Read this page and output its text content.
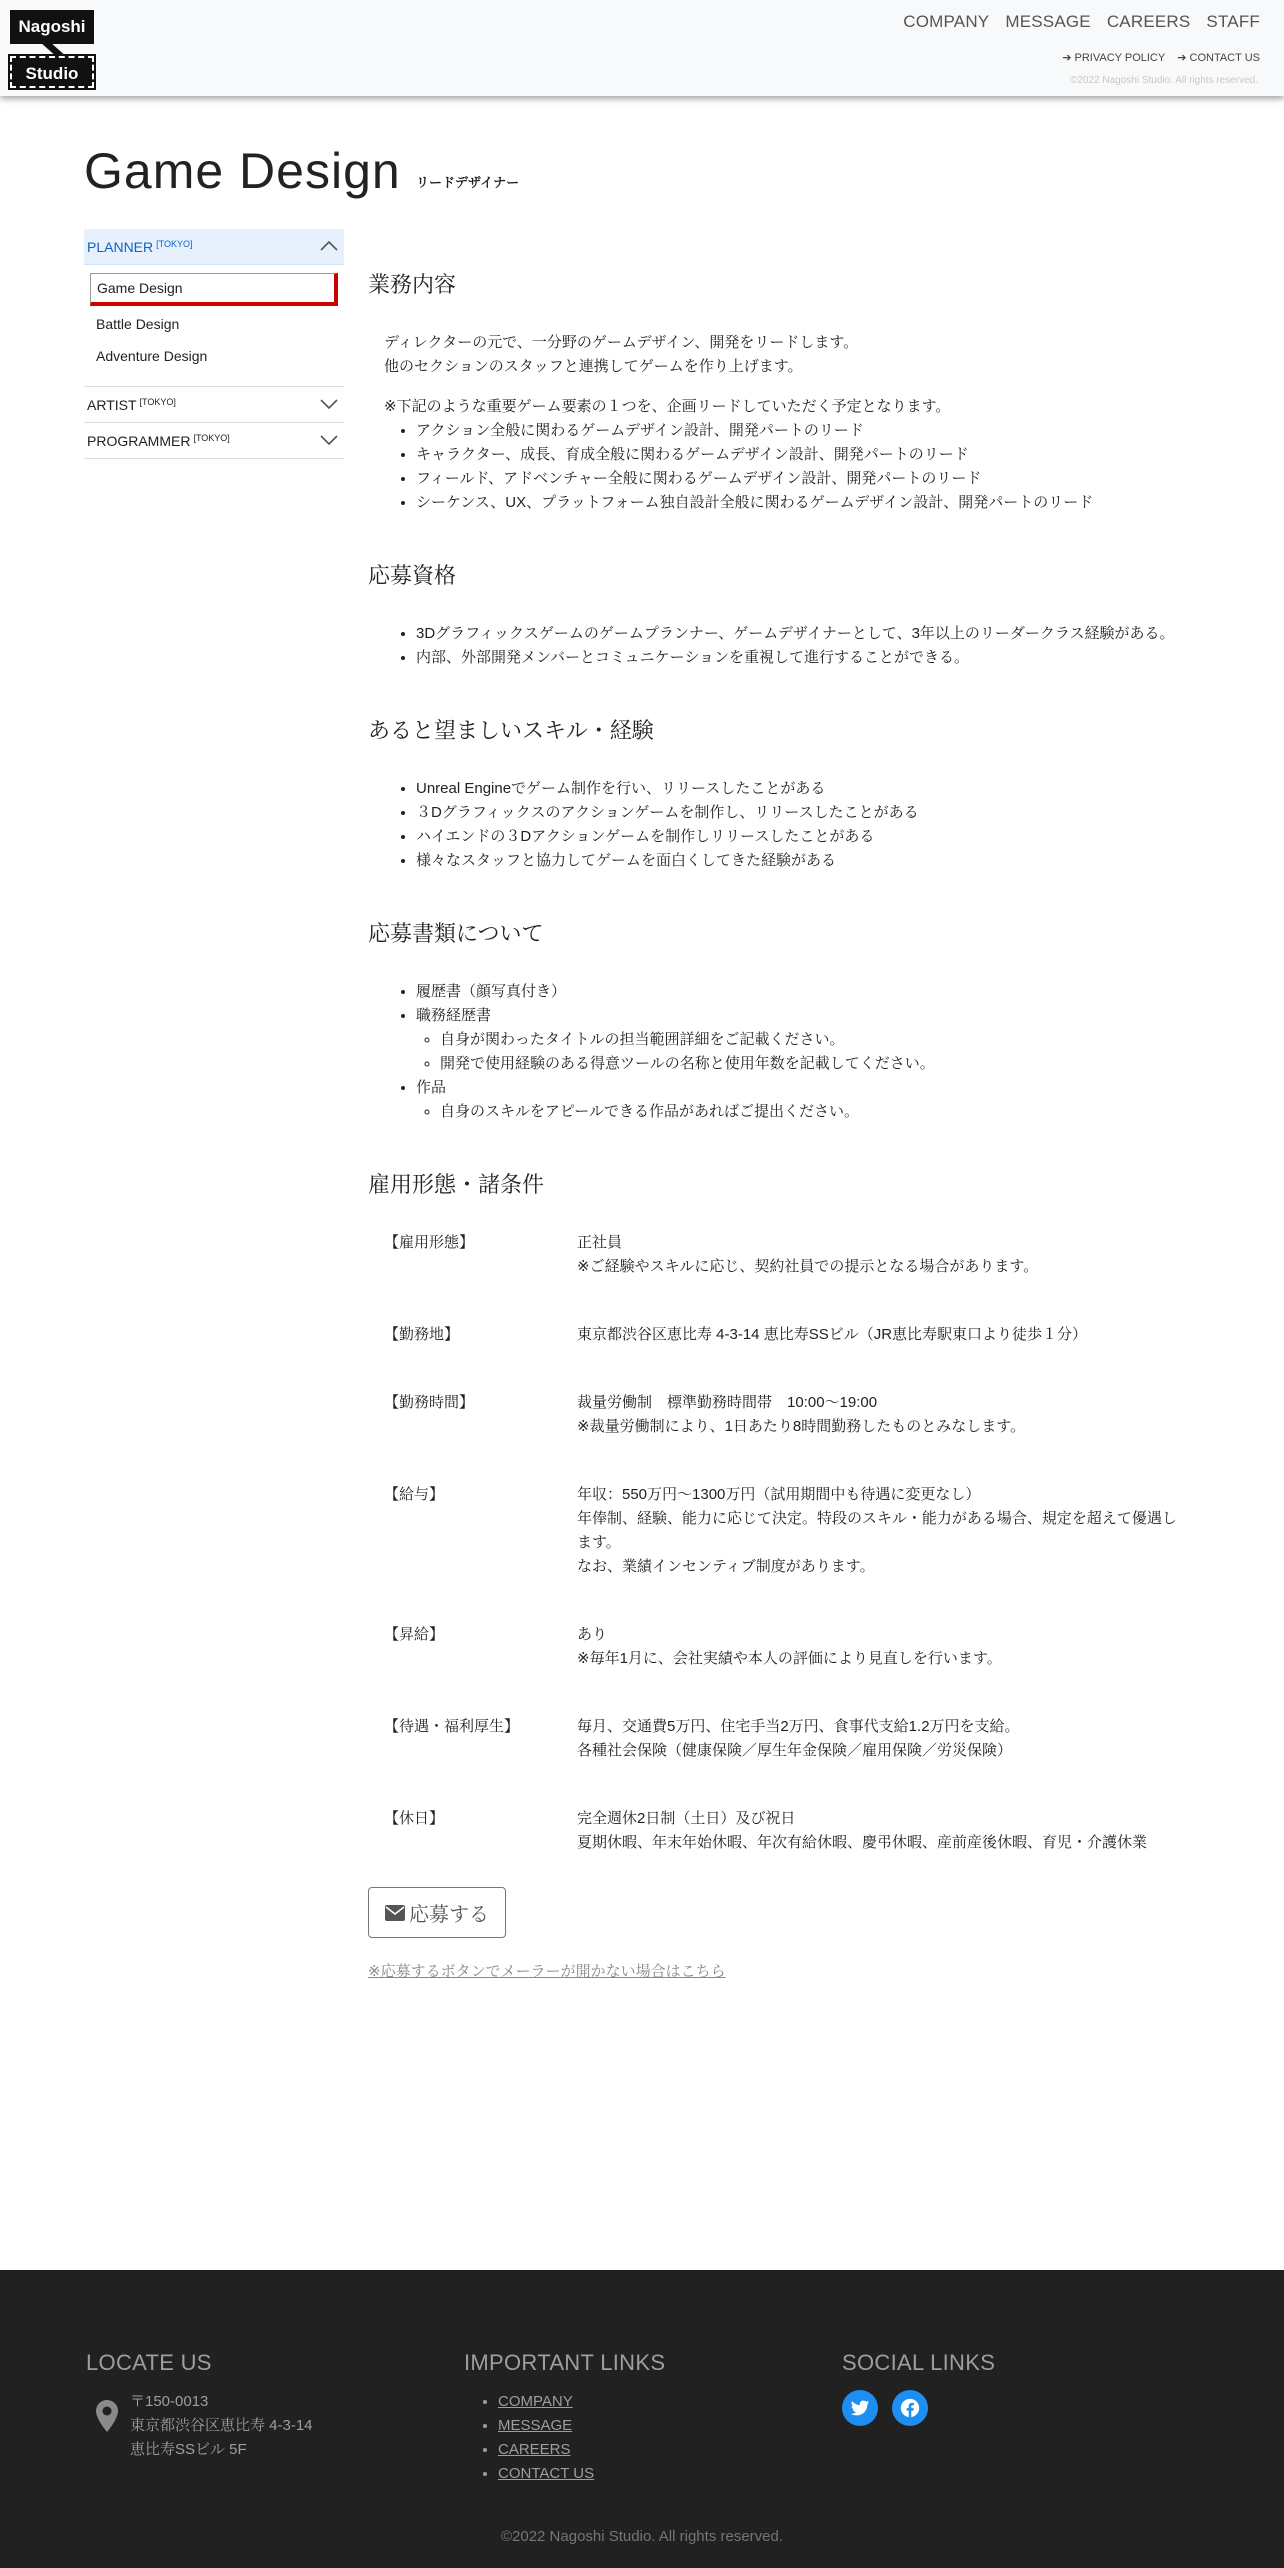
Nagoshi
Studio
COMPANY MESSAGE CAREERS STAFF
➔ PRIVACY POLICY ➔ CONTACT US
©2022 Nagoshi Studio. All rights reserved.
Game Design リードデザイナー
PLANNER [TOKYO]
Game Design
Battle Design
Adventure Design
ARTIST [TOKYO]
PROGRAMMER [TOKYO]
業務内容
ディレクターの元で、一分野のゲームデザイン、開発をリードします。
他のセクションのスタッフと連携してゲームを作り上げます。
※下記のような重要ゲーム要素の１つを、企画リードしていただく予定となります。
• アクション全般に関わるゲームデザイン設計、開発パートのリード
• キャラクター、成長、育成全般に関わるゲームデザイン設計、開発パートのリード
• フィールド、アドベンチャー全般に関わるゲームデザイン設計、開発パートのリード
• シーケンス、UX、プラットフォーム独自設計全般に関わるゲームデザイン設計、開発パートのリード
応募資格
• 3Dグラフィックスゲームのゲームプランナー、ゲームデザイナーとして、3年以上のリーダークラス経験がある。
• 内部、外部開発メンバーとコミュニケーションを重視して進行することができる。
あると望ましいスキル・経験
• Unreal Engineでゲーム制作を行い、リリースしたことがある
• ３Dグラフィックスのアクションゲームを制作し、リリースしたことがある
• ハイエンドの３Dアクションゲームを制作しリリースしたことがある
• 様々なスタッフと協力してゲームを面白くしてきた経験がある
応募書類について
• 履歴書（顔写真付き）
• 職務経歴書
◦ 自身が関わったタイトルの担当範囲詳細をご記載ください。
◦ 開発で使用経験のある得意ツールの名称と使用年数を記載してください。
• 作品
◦ 自身のスキルをアピールできる作品があればご提出ください。
雇用形態・諸条件
【雇用形態】	正社員
※ご経験やスキルに応じ、契約社員での提示となる場合があります。
【勤務地】	東京都渋谷区恵比寿 4-3-14 恵比寿SSビル（JR恵比寿駅東口より徒歩１分）
【勤務時間】	裁量労働制　標準勤務時間帯　10:00～19:00
※裁量労働制により、1日あたり8時間勤務したものとみなします。
【給与】	年収：550万円～1300万円（試用期間中も待遇に変更なし）
年俸制、経験、能力に応じて決定。特段のスキル・能力がある場合、規定を超えて優遇します。
なお、業績インセンティブ制度があります。
【昇給】	あり
※毎年1月に、会社実績や本人の評価により見直しを行います。
【待遇・福利厚生】	毎月、交通費5万円、住宅手当2万円、食事代支給1.2万円を支給。
各種社会保険（健康保険／厚生年金保険／雇用保険／労災保険）
【休日】	完全週休2日制（土日）及び祝日
夏期休暇、年末年始休暇、年次有給休暇、慶弔休暇、産前産後休暇、育児・介護休業
応募する
※応募するボタンでメーラーが開かない場合はこちら
LOCATE US
〒150-0013
東京都渋谷区恵比寿 4-3-14
恵比寿SSビル 5F
IMPORTANT LINKS
• COMPANY
• MESSAGE
• CAREERS
• CONTACT US
SOCIAL LINKS
©2022 Nagoshi Studio. All rights reserved.
